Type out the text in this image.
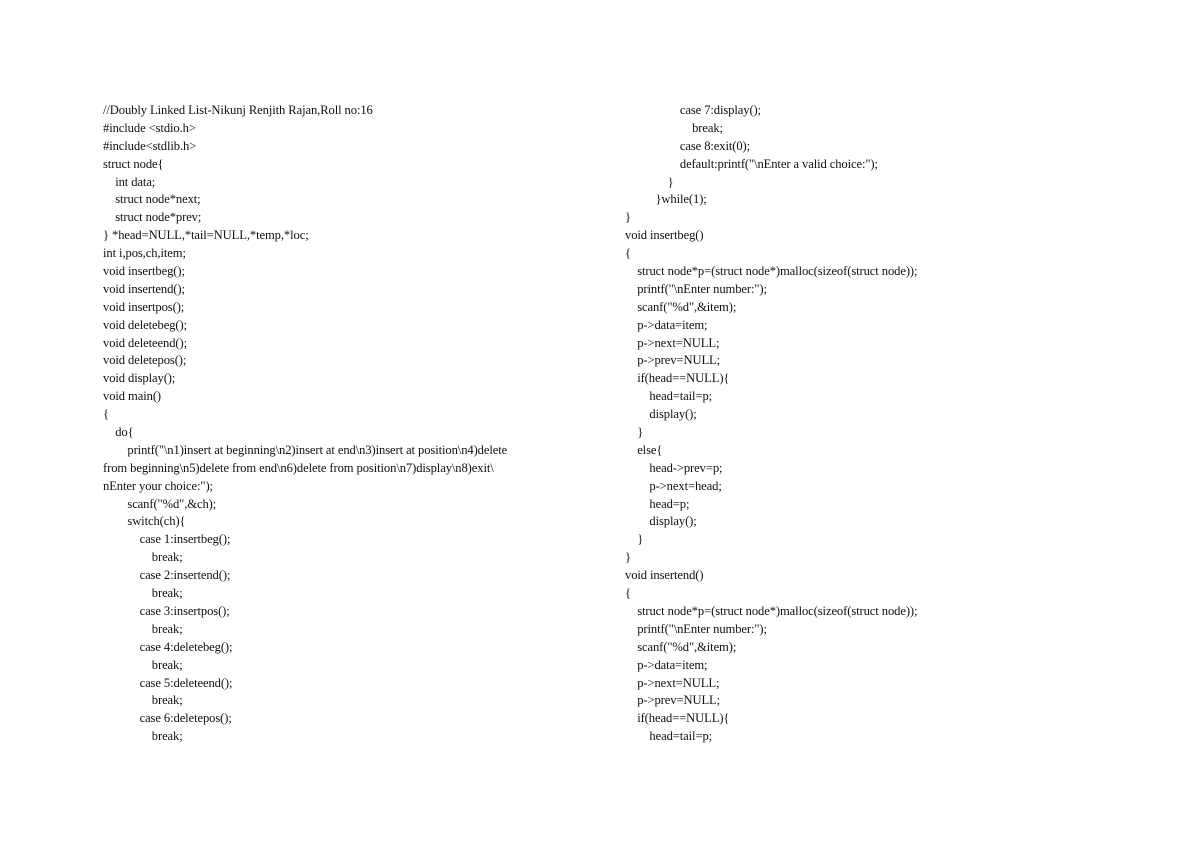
//Doubly Linked List-Nikunj Renjith Rajan,Roll no:16
#include <stdio.h>
#include<stdlib.h>
struct node{
int data;
struct node*next;
struct node*prev;
} *head=NULL,*tail=NULL,*temp,*loc;
int i,pos,ch,item;
void insertbeg();
void insertend();
void insertpos();
void deletebeg();
void deleteend();
void deletepos();
void display();
void main()
{
do{
printf("\n1)insert at beginning\n2)insert at end\n3)insert at position\n4)delete
from beginning\n5)delete from end\n6)delete from position\n7)display\n8)exit\
nEnter your choice:");
scanf("%d",&ch);
switch(ch){
case 1:insertbeg();
break;
case 2:insertend();
break;
case 3:insertpos();
break;
case 4:deletebeg();
break;
case 5:deleteend();
break;
case 6:deletepos();
break;
case 7:display();
break;
case 8:exit(0);
default:printf("\nEnter a valid choice:");
}
}while(1);
}
void insertbeg()
{
struct node*p=(struct node*)malloc(sizeof(struct node));
printf("\nEnter number:");
scanf("%d",&item);
p->data=item;
p->next=NULL;
p->prev=NULL;
if(head==NULL){
head=tail=p;
display();
}
else{
head->prev=p;
p->next=head;
head=p;
display();
}
}
void insertend()
{
struct node*p=(struct node*)malloc(sizeof(struct node));
printf("\nEnter number:");
scanf("%d",&item);
p->data=item;
p->next=NULL;
p->prev=NULL;
if(head==NULL){
head=tail=p;
